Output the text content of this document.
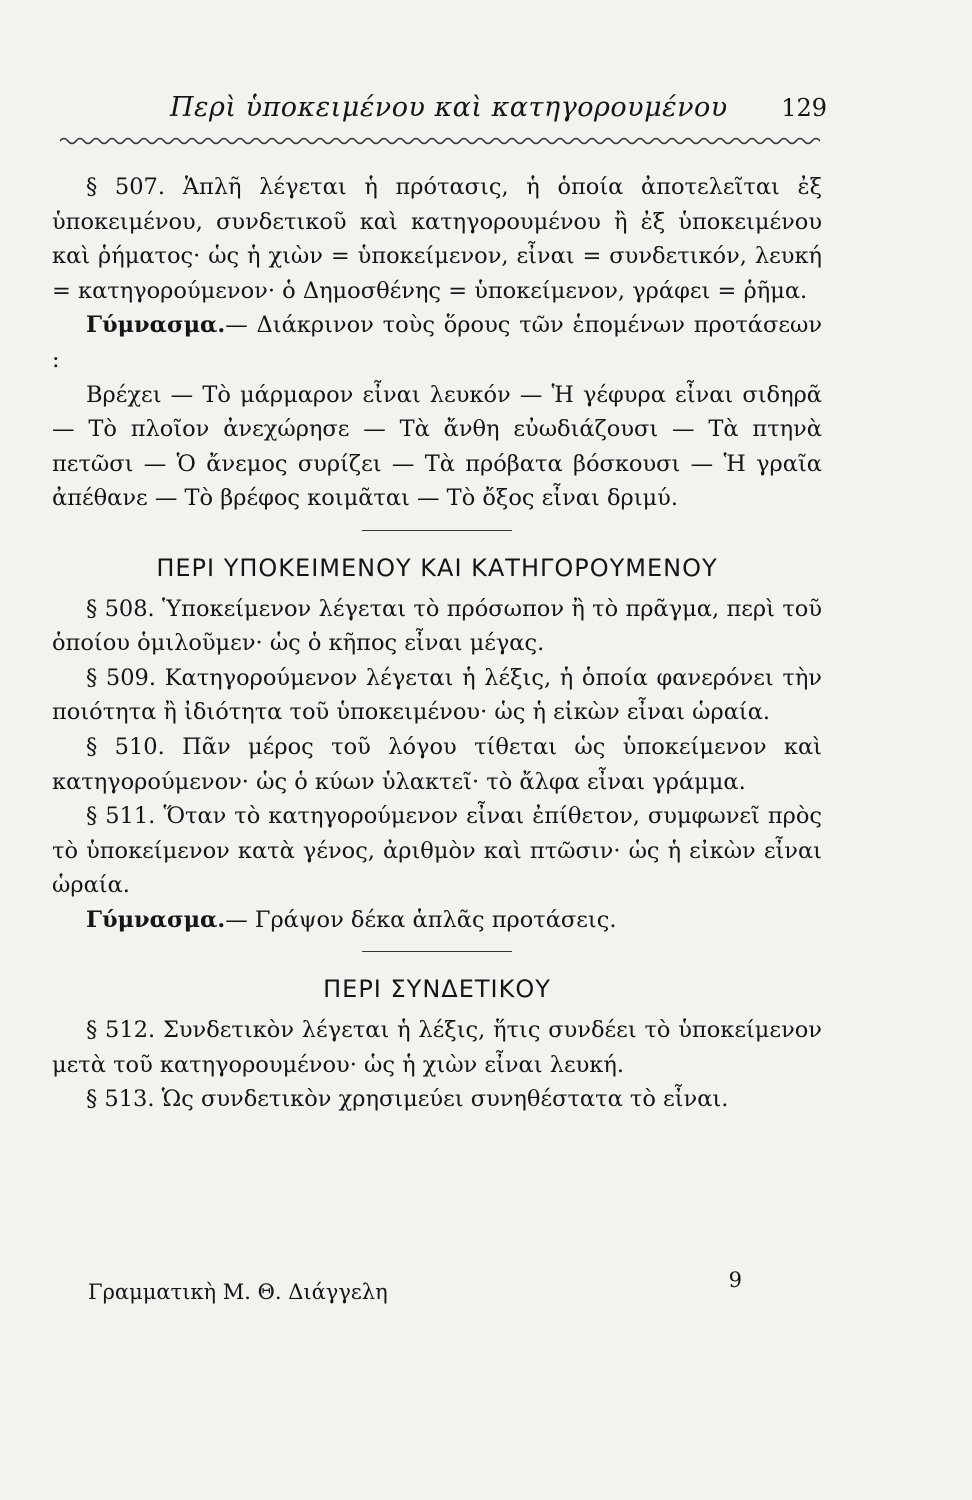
Περὶ ὑποκειμένου καὶ κατηγορουμένου 129

§ 507. Ἁπλῆ λέγεται ἡ πρότασις, ἡ ὁποία ἀποτελεῖται ἐξ ὑποκειμένου, συνδετικοῦ καὶ κατηγορουμένου ἢ ἐξ ὑποκειμένου καὶ ῥήματος· ὡς ἡ χιὼν = ὑποκείμενον, εἶναι = συνδετικόν, λευκή = κατηγορούμενον· ὁ Δημοσθένης = ὑποκείμενον, γράφει = ῥῆμα.

Γύμνασμα.— Διάκρινον τοὺς ὅρους τῶν ἑπομένων προτάσεων :

Βρέχει — Τὸ μάρμαρον εἶναι λευκόν — Ἡ γέφυρα εἶναι σιδηρᾶ — Τὸ πλοῖον ἀνεχώρησε — Τὰ ἄνθη εὐωδιάζουσι — Τὰ πτηνὰ πετῶσι — Ὁ ἄνεμος συρίζει — Τὰ πρόβατα βόσκουσι — Ἡ γραῖα ἀπέθανε — Τὸ βρέφος κοιμᾶται — Τὸ ὄξος εἶναι δριμύ.

ΠΕΡΙ ΥΠΟΚΕΙΜΕΝΟΥ ΚΑΙ ΚΑΤΗΓΟΡΟΥΜΕΝΟΥ

§ 508. Ὑποκείμενον λέγεται τὸ πρόσωπον ἢ τὸ πρᾶγμα, περὶ τοῦ ὁποίου ὁμιλοῦμεν· ὡς ὁ κῆπος εἶναι μέγας.

§ 509. Κατηγορούμενον λέγεται ἡ λέξις, ἡ ὁποία φανερόνει τὴν ποιότητα ἢ ἰδιότητα τοῦ ὑποκειμένου· ὡς ἡ εἰκὼν εἶναι ὡραία.

§ 510. Πᾶν μέρος τοῦ λόγου τίθεται ὡς ὑποκείμενον καὶ κατηγορούμενον· ὡς ὁ κύων ὑλακτεῖ· τὸ ἄλφα εἶναι γράμμα.

§ 511. Ὅταν τὸ κατηγορούμενον εἶναι ἐπίθετον, συμφωνεῖ πρὸς τὸ ὑποκείμενον κατὰ γένος, ἀριθμὸν καὶ πτῶσιν· ὡς ἡ εἰκὼν εἶναι ὡραία.

Γύμνασμα.— Γράψον δέκα ἁπλᾶς προτάσεις.

ΠΕΡΙ ΣΥΝΔΕΤΙΚΟΥ

§ 512. Συνδετικὸν λέγεται ἡ λέξις, ἥτις συνδέει τὸ ὑποκείμενον μετὰ τοῦ κατηγορουμένου· ὡς ἡ χιὼν εἶναι λευκή.

§ 513. Ὡς συνδετικὸν χρησιμεύει συνηθέστατα τὸ εἶναι.

Γραμματικὴ Μ. Θ. Διάγγελη	9
